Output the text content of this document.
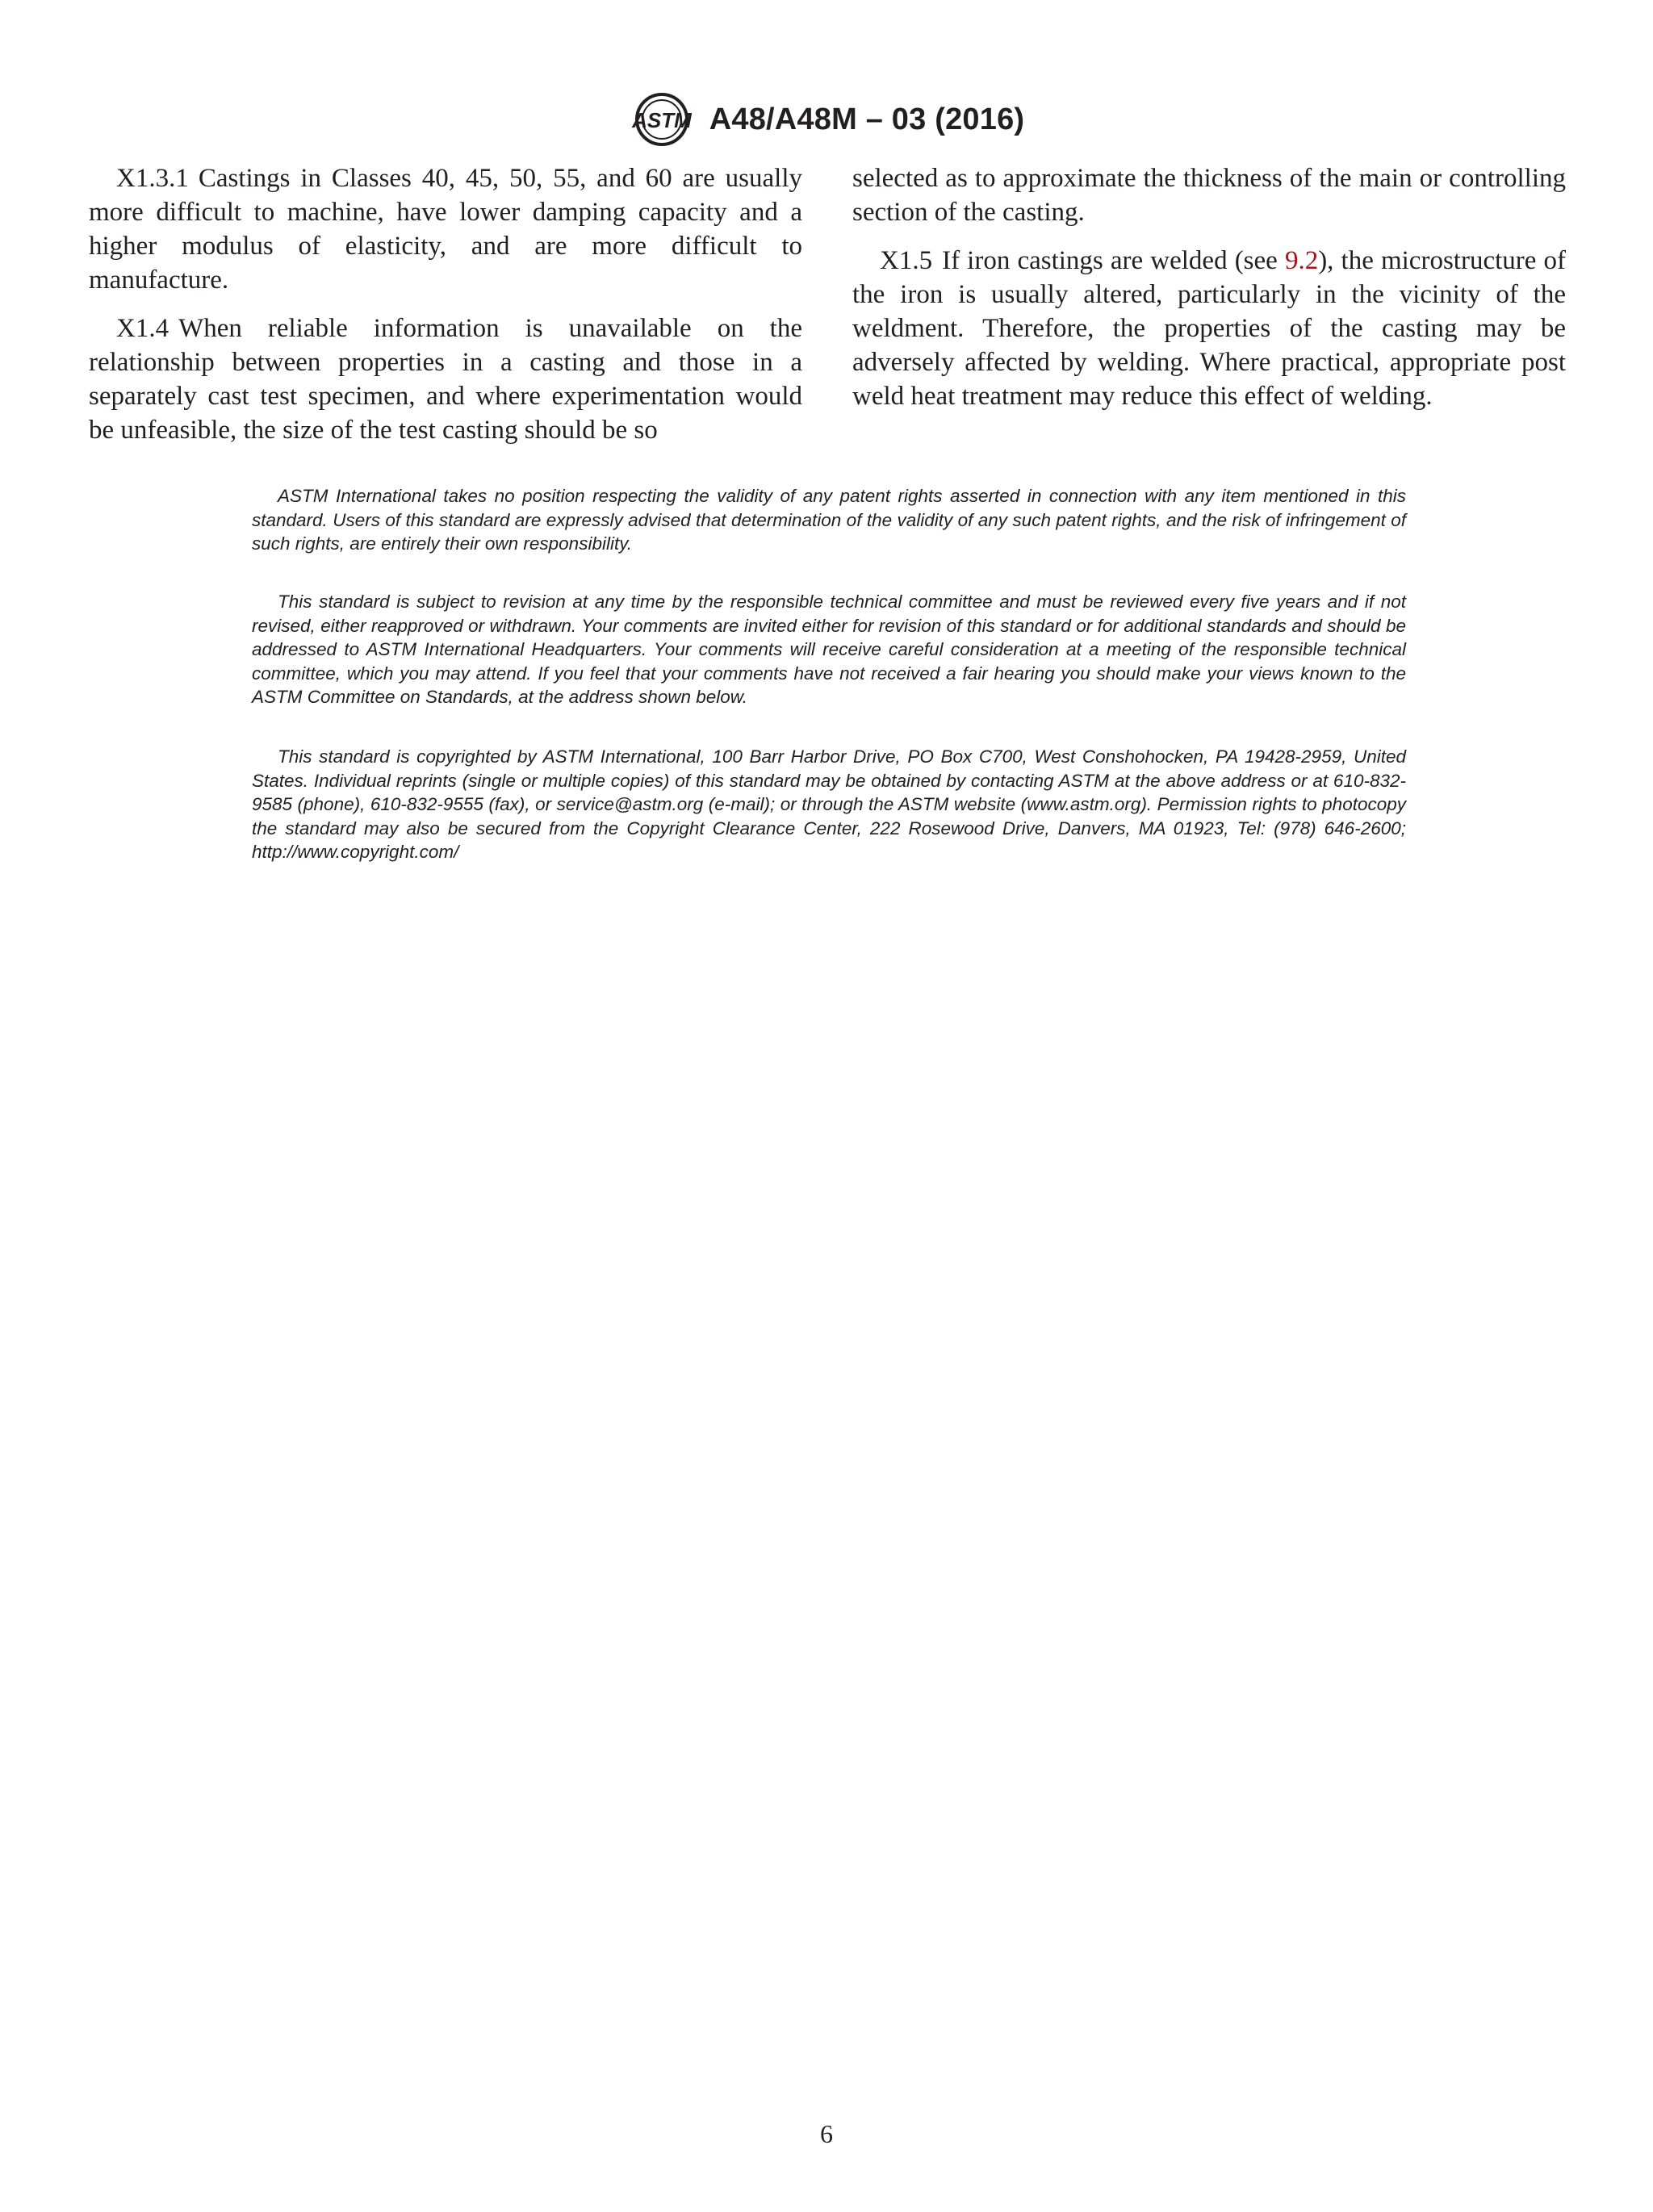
ASTM A48/A48M – 03 (2016)

X1.3.1 Castings in Classes 40, 45, 50, 55, and 60 are usually more difficult to machine, have lower damping capacity and a higher modulus of elasticity, and are more difficult to manufacture.

X1.4 When reliable information is unavailable on the relationship between properties in a casting and those in a separately cast test specimen, and where experimentation would be unfeasible, the size of the test casting should be so

selected as to approximate the thickness of the main or controlling section of the casting.

X1.5 If iron castings are welded (see 9.2), the microstructure of the iron is usually altered, particularly in the vicinity of the weldment. Therefore, the properties of the casting may be adversely affected by welding. Where practical, appropriate post weld heat treatment may reduce this effect of welding.

ASTM International takes no position respecting the validity of any patent rights asserted in connection with any item mentioned in this standard. Users of this standard are expressly advised that determination of the validity of any such patent rights, and the risk of infringement of such rights, are entirely their own responsibility.

This standard is subject to revision at any time by the responsible technical committee and must be reviewed every five years and if not revised, either reapproved or withdrawn. Your comments are invited either for revision of this standard or for additional standards and should be addressed to ASTM International Headquarters. Your comments will receive careful consideration at a meeting of the responsible technical committee, which you may attend. If you feel that your comments have not received a fair hearing you should make your views known to the ASTM Committee on Standards, at the address shown below.

This standard is copyrighted by ASTM International, 100 Barr Harbor Drive, PO Box C700, West Conshohocken, PA 19428-2959, United States. Individual reprints (single or multiple copies) of this standard may be obtained by contacting ASTM at the above address or at 610-832-9585 (phone), 610-832-9555 (fax), or service@astm.org (e-mail); or through the ASTM website (www.astm.org). Permission rights to photocopy the standard may also be secured from the Copyright Clearance Center, 222 Rosewood Drive, Danvers, MA 01923, Tel: (978) 646-2600; http://www.copyright.com/

6
